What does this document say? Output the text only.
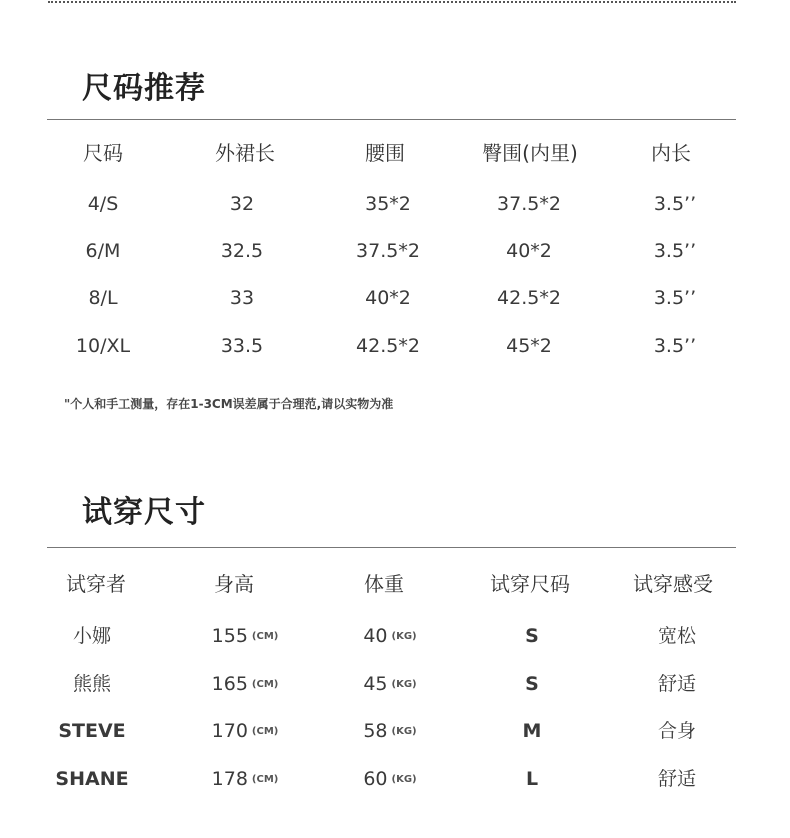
尺码推荐
尺码	外裙长	腰围	臀围(内里)	内长
4/S	32	35*2	37.5*2	3.5’’
6/M	32.5	37.5*2	40*2	3.5’’
8/L	33	40*2	42.5*2	3.5’’
10/XL	33.5	42.5*2	45*2	3.5’’
"个人和手工测量，存在1-3CM误差属于合理范,请以实物为准
试穿尺寸
试穿者	身高	体重	试穿尺码	试穿感受
小娜	155 (CM)	40 (KG)	S	宽松
熊熊	165 (CM)	45 (KG)	S	舒适
STEVE	170 (CM)	58 (KG)	M	合身
SHANE	178 (CM)	60 (KG)	L	舒适
